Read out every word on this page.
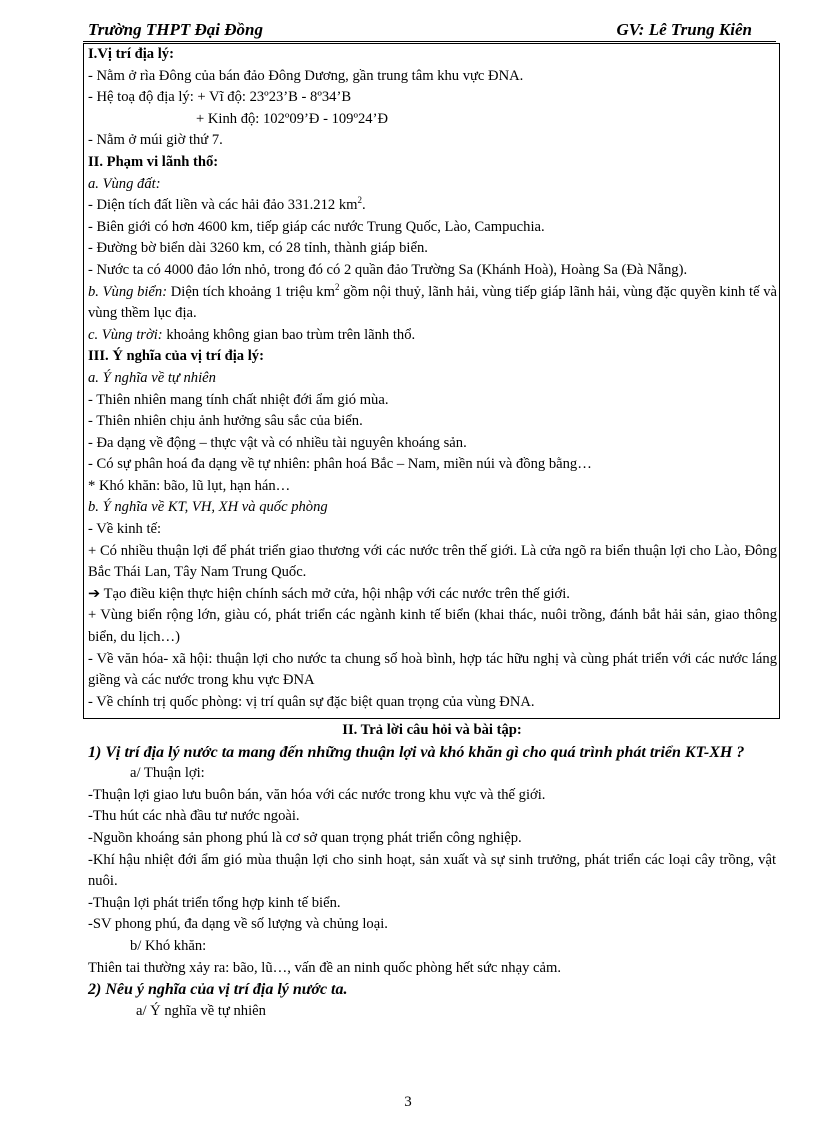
Trường THPT Đại Đồng	GV: Lê Trung Kiên
I.Vị trí địa lý:
- Nằm ở rìa Đông của bán đảo Đông Dương, gần trung tâm khu vực ĐNA.
- Hệ toạ độ địa lý: + Vĩ độ: 23º23’B - 8º34’B
+ Kinh độ: 102º09’Đ - 109º24’Đ
- Nằm ở múi giờ thứ 7.
II. Phạm vi lãnh thổ:
a. Vùng đất:
- Diện tích đất liền và các hải đảo 331.212 $km^2$.
- Biên giới có hơn 4600 km, tiếp giáp các nước Trung Quốc, Lào, Campuchia.
- Đường bờ biển dài 3260 km, có 28 tỉnh, thành giáp biển.
- Nước ta có 4000 đảo lớn nhỏ, trong đó có 2 quần đảo Trường Sa (Khánh Hoà), Hoàng Sa (Đà Nẵng).
b. Vùng biển: Diện tích khoảng 1 triệu $km^2$ gồm nội thuỷ, lãnh hải, vùng tiếp giáp lãnh hải, vùng đặc quyền kinh tế và vùng thềm lục địa.
c. Vùng trời: khoảng không gian bao trùm trên lãnh thổ.
III. Ý nghĩa của vị trí địa lý:
a. Ý nghĩa về tự nhiên
- Thiên nhiên mang tính chất nhiệt đới ẩm gió mùa.
- Thiên nhiên chịu ảnh hưởng sâu sắc của biển.
- Đa dạng về động – thực vật và có nhiều tài nguyên khoáng sản.
- Có sự phân hoá đa dạng về tự nhiên: phân hoá Bắc – Nam, miền núi và đồng bằng…
* Khó khăn: bão, lũ lụt, hạn hán…
b. Ý nghĩa về KT, VH, XH và quốc phòng
- Về kinh tế:
+ Có nhiều thuận lợi để phát triển giao thương với các nước trên thế giới. Là cửa ngõ ra biển thuận lợi cho Lào, Đông Bắc Thái Lan, Tây Nam Trung Quốc.
➔ Tạo điều kiện thực hiện chính sách mở cửa, hội nhập với các nước trên thế giới.
+ Vùng biển rộng lớn, giàu có, phát triển các ngành kinh tế biển (khai thác, nuôi trồng, đánh bắt hải sản, giao thông biển, du lịch…)
- Về văn hóa- xã hội: thuận lợi cho nước ta chung số hoà bình, hợp tác hữu nghị và cùng phát triển với các nước láng giềng và các nước trong khu vực ĐNA
- Về chính trị quốc phòng: vị trí quân sự đặc biệt quan trọng của vùng ĐNA.
II. Trả lời câu hỏi và bài tập:
1) Vị trí địa lý nước ta mang đến những thuận lợi và khó khăn gì cho quá trình phát triển KT-XH ?
a/ Thuận lợi:
-Thuận lợi giao lưu buôn bán, văn hóa với các nước trong khu vực và thế giới.
-Thu hút các nhà đầu tư nước ngoài.
-Nguồn khoáng sản phong phú là cơ sở quan trọng phát triển công nghiệp.
-Khí hậu nhiệt đới ẩm gió mùa thuận lợi cho sinh hoạt, sản xuất và sự sinh trưởng, phát triển các loại cây trồng, vật nuôi.
-Thuận lợi phát triển tổng hợp kinh tế biển.
-SV phong phú, đa dạng về số lượng và chủng loại.
b/ Khó khăn:
Thiên tai thường xảy ra: bão, lũ…, vấn đề an ninh quốc phòng hết sức nhạy cảm.
2) Nêu ý nghĩa của vị trí địa lý nước ta.
a/ Ý nghĩa về tự nhiên
3
